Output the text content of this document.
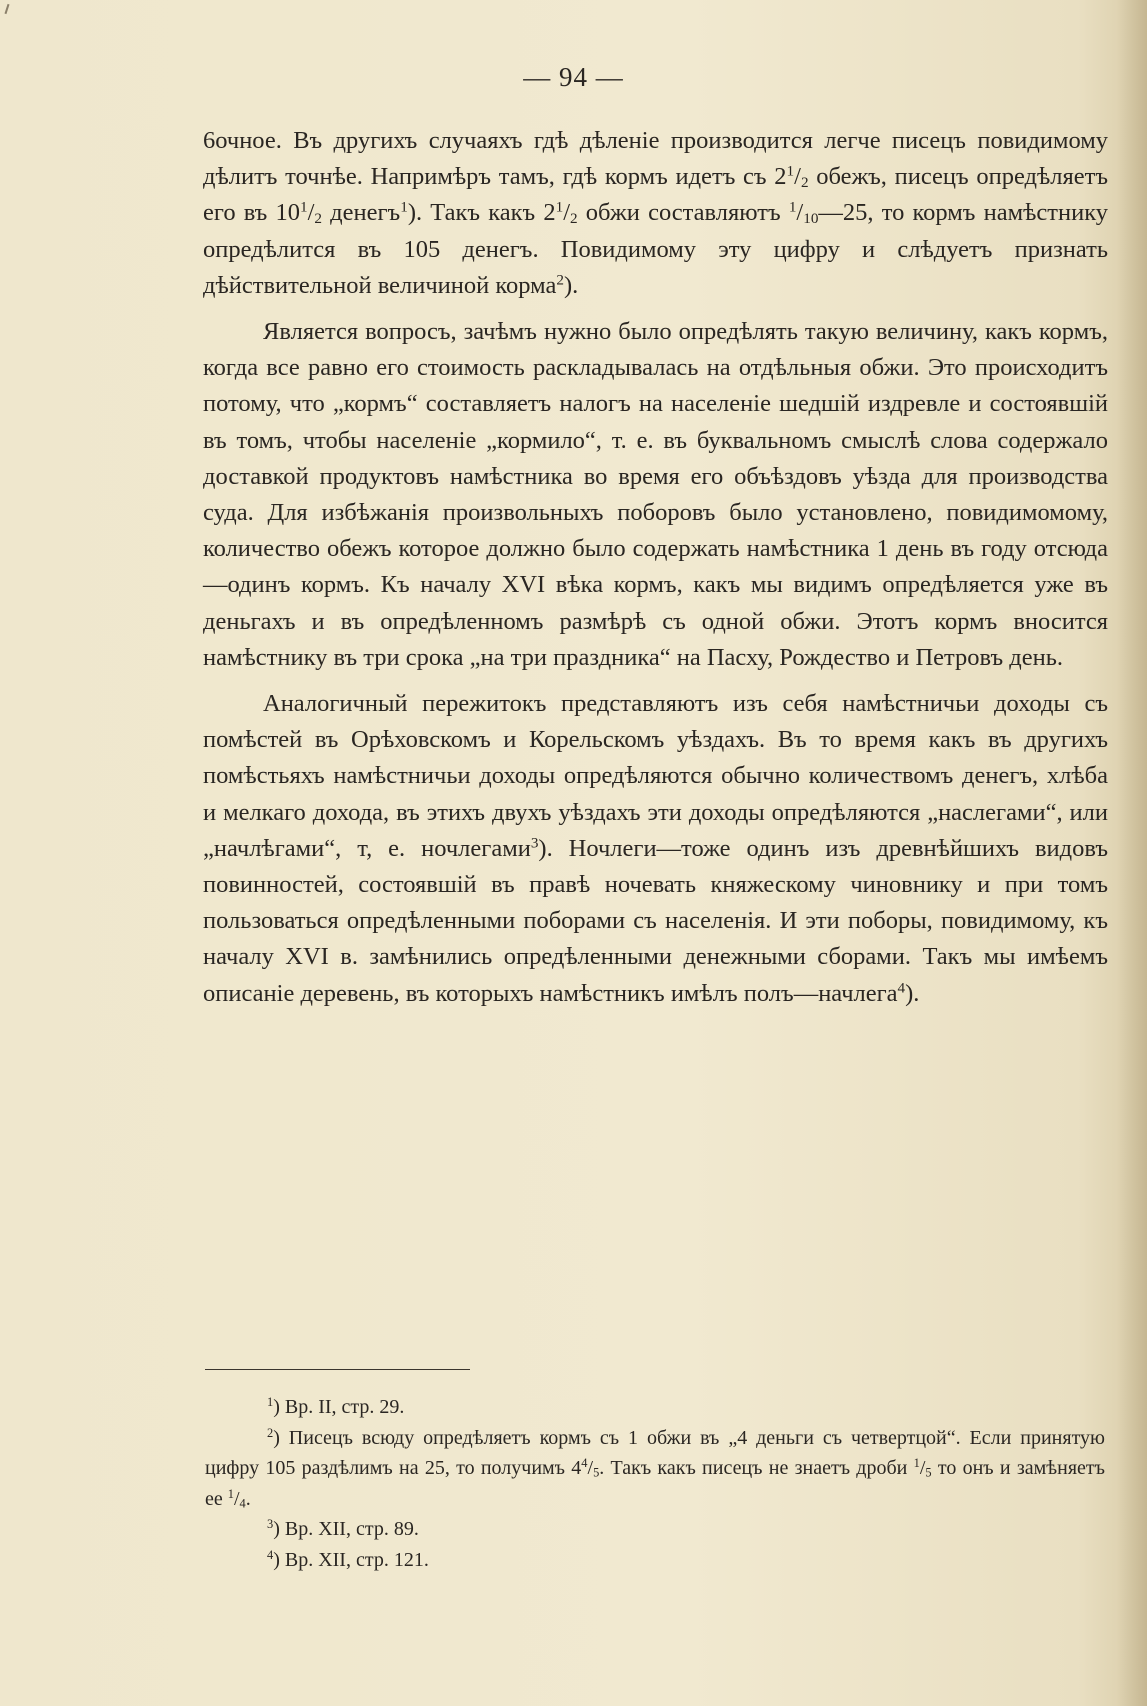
— 94 —

6очное. Въ другихъ случаяхъ гдѣ дѣленіе производится легче писецъ повидимому дѣлитъ точнѣе. Напримѣръ тамъ, гдѣ кормъ идетъ съ $2^1/_2$ обежъ, писецъ опредѣляетъ его въ $10^1/_2$ денегъ$^1$). Такъ какъ $2^1/_2$ обжи составляютъ $^1/_{10}—25$, то кормъ намѣстнику опредѣлится въ 105 денегъ. Повидимому эту цифру и слѣдуетъ признать дѣйствительной величиной корма$^2$).

Является вопросъ, зачѣмъ нужно было опредѣлять такую величину, какъ кормъ, когда все равно его стоимость раскладывалась на отдѣльныя обжи. Это происходитъ потому, что „кормъ“ составляетъ налогъ на населеніе шедшій издревле и состоявшій въ томъ, чтобы населеніе „кормило“, т. е. въ буквальномъ смыслѣ слова содержало доставкой продуктовъ намѣстника во время его объѣздовъ уѣзда для производства суда. Для избѣжанія произвольныхъ поборовъ было установлено, повидимомому, количество обежъ которое должно было содержать намѣстника 1 день въ году отсюда—одинъ кормъ. Къ началу XVI вѣка кормъ, какъ мы видимъ опредѣляется уже въ деньгахъ и въ опредѣленномъ размѣрѣ съ одной обжи. Этотъ кормъ вносится намѣстнику въ три срока „на три праздника“ на Пасху, Рождество и Петровъ день.

Аналогичный пережитокъ представляютъ изъ себя намѣстничьи доходы съ помѣстей въ Орѣховскомъ и Корельскомъ уѣздахъ. Въ то время какъ въ другихъ помѣстьяхъ намѣстничьи доходы опредѣляются обычно количествомъ денегъ, хлѣба и мелкаго дохода, въ этихъ двухъ уѣздахъ эти доходы опредѣляются „наслегами“, или „начлѣгами“, т, е. ночлегами$^3$). Ночлеги—тоже одинъ изъ древнѣйшихъ видовъ повинностей, состоявшій въ правѣ ночевать княжескому чиновнику и при томъ пользоваться опредѣленными поборами съ населенія. И эти поборы, повидимому, къ началу XVI в. замѣнились опредѣленными денежными сборами. Такъ мы имѣемъ описаніе деревень, въ которыхъ намѣстникъ имѣлъ полъ—начлега$^4$).

$^1$) Вр. II, стр. 29.

$^2$) Писецъ всюду опредѣляетъ кормъ съ 1 обжи въ „4 деньги съ четвертцой“. Если принятую цифру 105 раздѣлимъ на 25, то получимъ $4^4/_5$. Такъ какъ писецъ не знаетъ дроби $^1/_5$ то онъ и замѣняетъ ее $^1/_4$.

$^3$) Вр. XII, стр. 89.

$^4$) Вр. XII, стр. 121.
